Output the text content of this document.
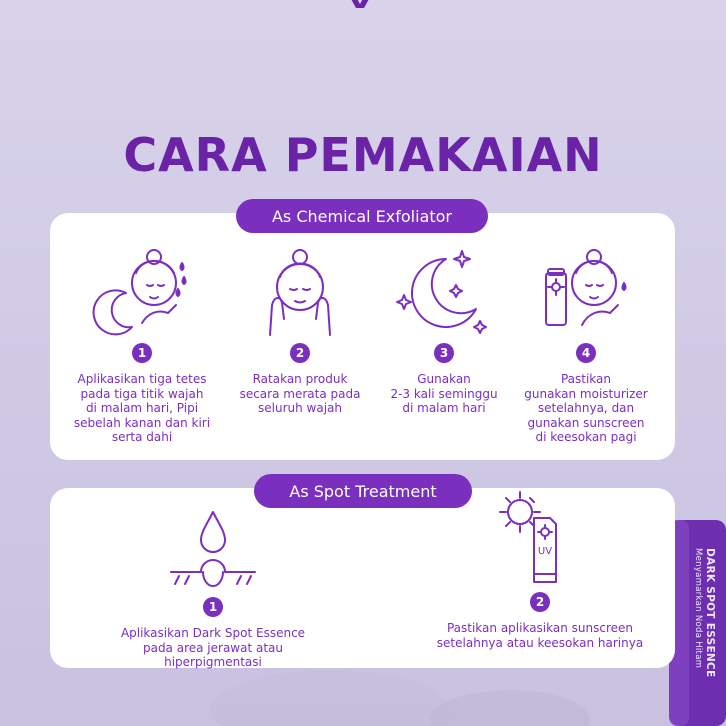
DARK SPOT ESSENCE Menyamarkan Noda Hitam
CARA PEMAKAIAN
As Chemical Exfoliator
1
Aplikasikan tiga tetes
pada tiga titik wajah
di malam hari, Pipi
sebelah kanan dan kiri
serta dahi
2
Ratakan produk
secara merata pada
seluruh wajah
3
Gunakan
2-3 kali seminggu
di malam hari
4
Pastikan
gunakan moisturizer
setelahnya, dan
gunakan sunscreen
di keesokan pagi
As Spot Treatment
1
Aplikasikan Dark Spot Essence
pada area jerawat atau hiperpigmentasi
UV
2
Pastikan aplikasikan sunscreen
setelahnya atau keesokan harinya
